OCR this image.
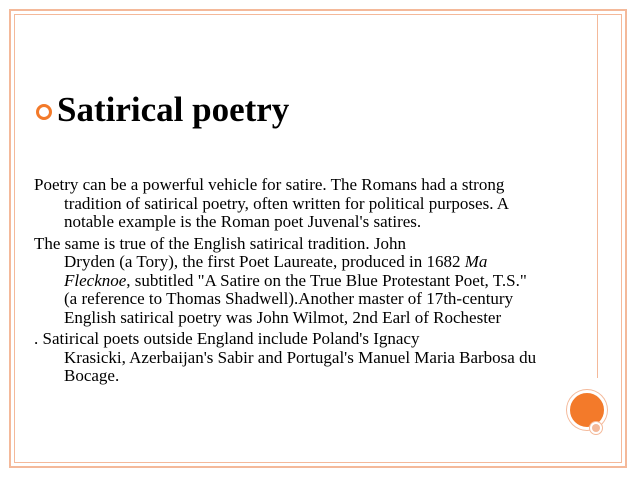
Satirical poetry

Poetry can be a powerful vehicle for satire. The Romans had a strong
tradition of satirical poetry, often written for political purposes. A
notable example is the Roman poet Juvenal's satires.

The same is true of the English satirical tradition. John
Dryden (a Tory), the first Poet Laureate, produced in 1682 Ma
Flecknoe, subtitled "A Satire on the True Blue Protestant Poet, T.S."
(a reference to Thomas Shadwell).Another master of 17th-century
English satirical poetry was John Wilmot, 2nd Earl of Rochester

. Satirical poets outside England include Poland's Ignacy
Krasicki, Azerbaijan's Sabir and Portugal's Manuel Maria Barbosa du
Bocage.
